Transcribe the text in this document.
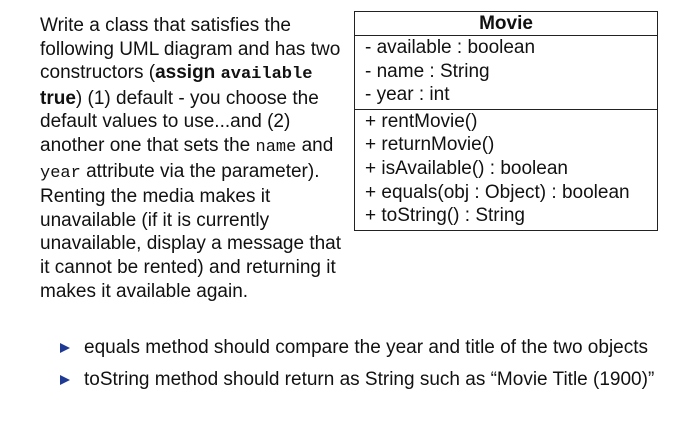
Write a class that satisfies the following UML diagram and has two constructors (assign available true) (1) default - you choose the default values to use...and (2) another one that sets the name and year attribute via the parameter). Renting the media makes it unavailable (if it is currently unavailable, display a message that it cannot be rented) and returning it makes it available again.
Movie
- available : boolean
- name : String
- year : int
+ rentMovie()
+ returnMovie()
+ isAvailable() : boolean
+ equals(obj : Object) : boolean
+ toString() : String
equals method should compare the year and title of the two objects
toString method should return as String such as “Movie Title (1900)”
